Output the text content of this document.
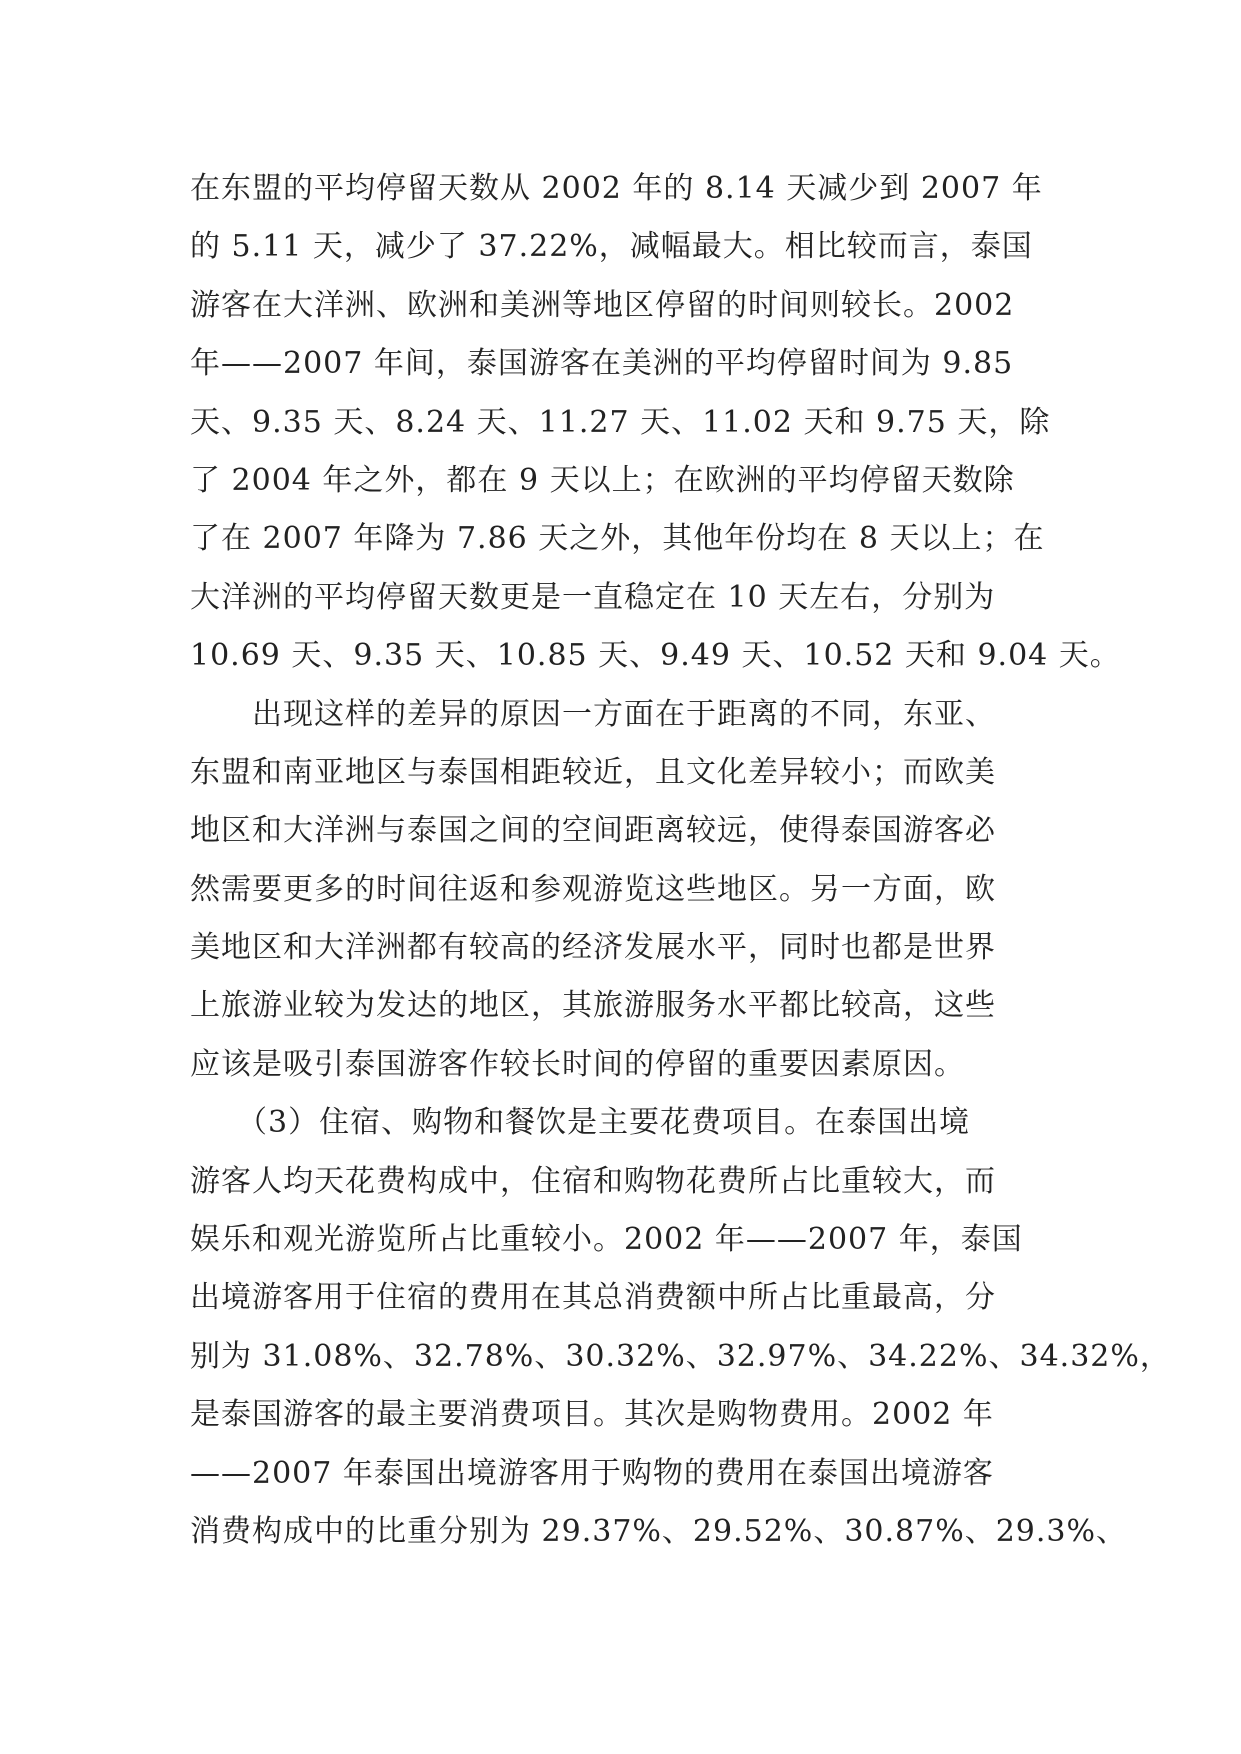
在东盟的平均停留天数从 2002 年的 8.14 天减少到 2007 年
的 5.11 天，减少了 37.22%，减幅最大。相比较而言，泰国
游客在大洋洲、欧洲和美洲等地区停留的时间则较长。2002
年——2007 年间，泰国游客在美洲的平均停留时间为 9.85
天、9.35 天、8.24 天、11.27 天、11.02 天和 9.75 天，除
了 2004 年之外，都在 9 天以上；在欧洲的平均停留天数除
了在 2007 年降为 7.86 天之外，其他年份均在 8 天以上；在
大洋洲的平均停留天数更是一直稳定在 10 天左右，分别为
10.69 天、9.35 天、10.85 天、9.49 天、10.52 天和 9.04 天。
　　出现这样的差异的原因一方面在于距离的不同，东亚、
东盟和南亚地区与泰国相距较近，且文化差异较小；而欧美
地区和大洋洲与泰国之间的空间距离较远，使得泰国游客必
然需要更多的时间往返和参观游览这些地区。另一方面，欧
美地区和大洋洲都有较高的经济发展水平，同时也都是世界
上旅游业较为发达的地区，其旅游服务水平都比较高，这些
应该是吸引泰国游客作较长时间的停留的重要因素原因。
　　（3）住宿、购物和餐饮是主要花费项目。在泰国出境
游客人均天花费构成中，住宿和购物花费所占比重较大，而
娱乐和观光游览所占比重较小。2002 年——2007 年，泰国
出境游客用于住宿的费用在其总消费额中所占比重最高，分
别为 31.08%、32.78%、30.32%、32.97%、34.22%、34.32%，
是泰国游客的最主要消费项目。其次是购物费用。2002 年
——2007 年泰国出境游客用于购物的费用在泰国出境游客
消费构成中的比重分别为 29.37%、29.52%、30.87%、29.3%、
